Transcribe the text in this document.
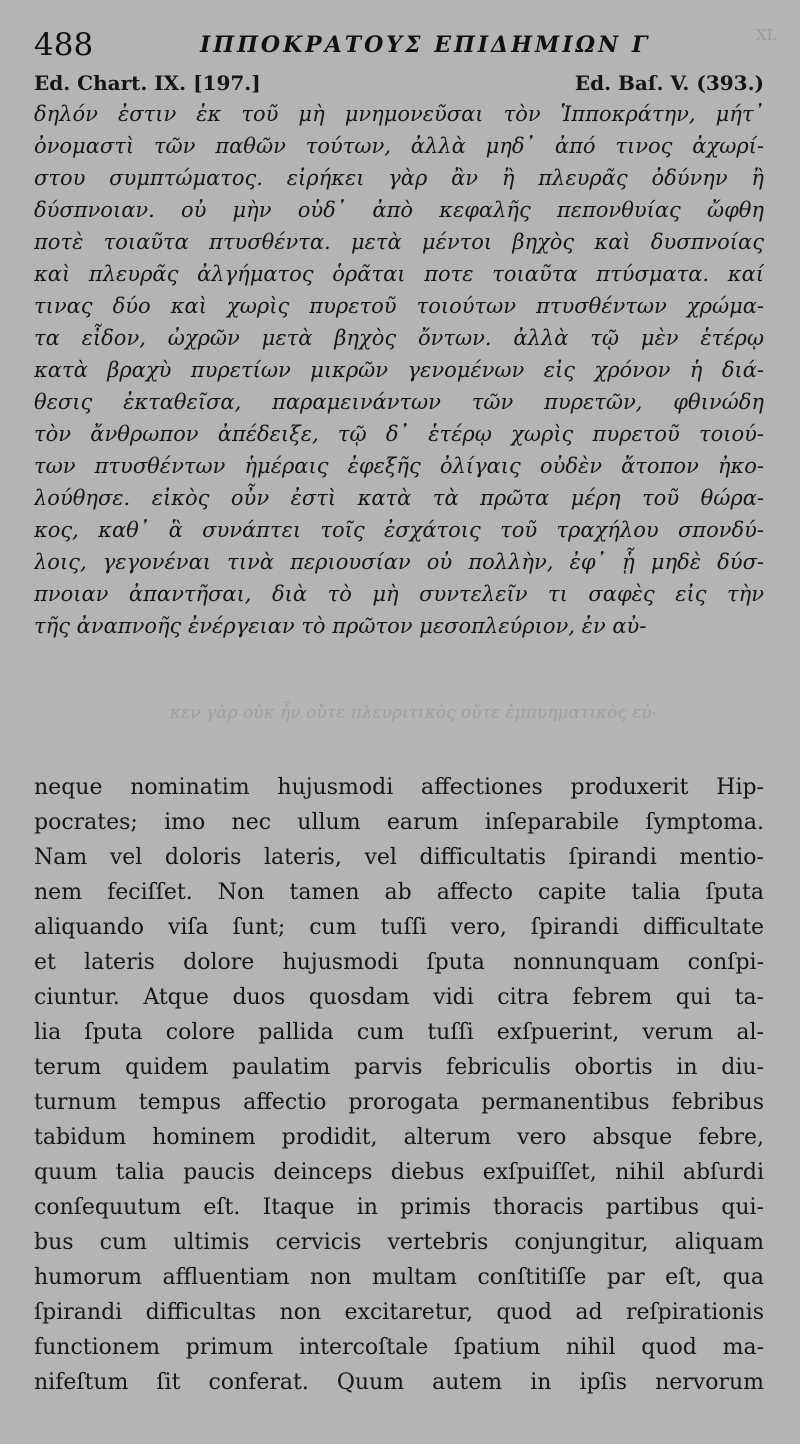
488	ΙΠΠΟΚΡΑΤΟΥΣ ΕΠΙΔΗΜΙΩΝ Γ	ΧΙ.
Ed. Chart. IX. [197.]	Ed. Baſ. V. (393.)
δηλόν ἐστιν ἐκ τοῦ μὴ μνημονεῦσαι τὸν Ἱπποκράτην, μήτ᾽
ὀνομαστὶ τῶν παθῶν τούτων, ἀλλὰ μηδ᾽ ἀπό τινος ἀχωρί-
στου συμπτώματος. εἰρήκει γὰρ ἂν ἢ πλευρᾶς ὀδύνην ἢ
δύσπνοιαν. οὐ μὴν οὐδ᾽ ἀπὸ κεφαλῆς πεπονθυίας ὤφθη
ποτὲ τοιαῦτα πτυσθέντα. μετὰ μέντοι βηχὸς καὶ δυσπνοίας
καὶ πλευρᾶς ἀλγήματος ὁρᾶται ποτε τοιαῦτα πτύσματα. καί
τινας δύο καὶ χωρὶς πυρετοῦ τοιούτων πτυσθέντων χρώμα-
τα εἶδον, ὠχρῶν μετὰ βηχὸς ὄντων. ἀλλὰ τῷ μὲν ἑτέρῳ
κατὰ βραχὺ πυρετίων μικρῶν γενομένων εἰς χρόνον ἡ διά-
θεσις ἐκταθεῖσα, παραμεινάντων τῶν πυρετῶν, φθινώδη
τὸν ἄνθρωπον ἀπέδειξε, τῷ δ᾽ ἑτέρῳ χωρὶς πυρετοῦ τοιού-
των πτυσθέντων ἡμέραις ἐφεξῆς ὀλίγαις οὐδὲν ἄτοπον ἠκο-
λούθησε. εἰκὸς οὖν ἐστὶ κατὰ τὰ πρῶτα μέρη τοῦ θώρα-
κος, καθ᾽ ἃ συνάπτει τοῖς ἐσχάτοις τοῦ τραχήλου σπονδύ-
λοις, γεγονέναι τινὰ περιουσίαν οὐ πολλὴν, ἐφ᾽ ᾗ μηδὲ δύσ-
πνοιαν ἀπαντῆσαι, διὰ τὸ μὴ συντελεῖν τι σαφὲς εἰς τὴν
τῆς ἀναπνοῆς ἐνέργειαν τὸ πρῶτον μεσοπλεύριον, ἐν αὐ-
κεν γὰρ οὐκ ἦν οὔτε πλευριτικὸς οὔτε ἐμπυηματικὸς εὐ-
neque nominatim hujusmodi affectiones produxerit Hip-
pocrates; imo nec ullum earum inſeparabile ſymptoma.
Nam vel doloris lateris, vel difficultatis ſpirandi mentio-
nem feciſſet. Non tamen ab affecto capite talia ſputa
aliquando viſa ſunt; cum tuſſi vero, ſpirandi difficultate
et lateris dolore hujusmodi ſputa nonnunquam conſpi-
ciuntur. Atque duos quosdam vidi citra febrem qui ta-
lia ſputa colore pallida cum tuſſi exſpuerint, verum al-
terum quidem paulatim parvis febriculis obortis in diu-
turnum tempus affectio prorogata permanentibus febribus
tabidum hominem prodidit, alterum vero absque febre,
quum talia paucis deinceps diebus exſpuiſſet, nihil abſurdi
conſequutum eſt. Itaque in primis thoracis partibus qui-
bus cum ultimis cervicis vertebris conjungitur, aliquam
humorum affluentiam non multam conſtitiſſe par eſt, qua
ſpirandi difficultas non excitaretur, quod ad reſpirationis
functionem primum intercoſtale ſpatium nihil quod ma-
nifeſtum ſit conferat. Quum autem in ipſis nervorum
